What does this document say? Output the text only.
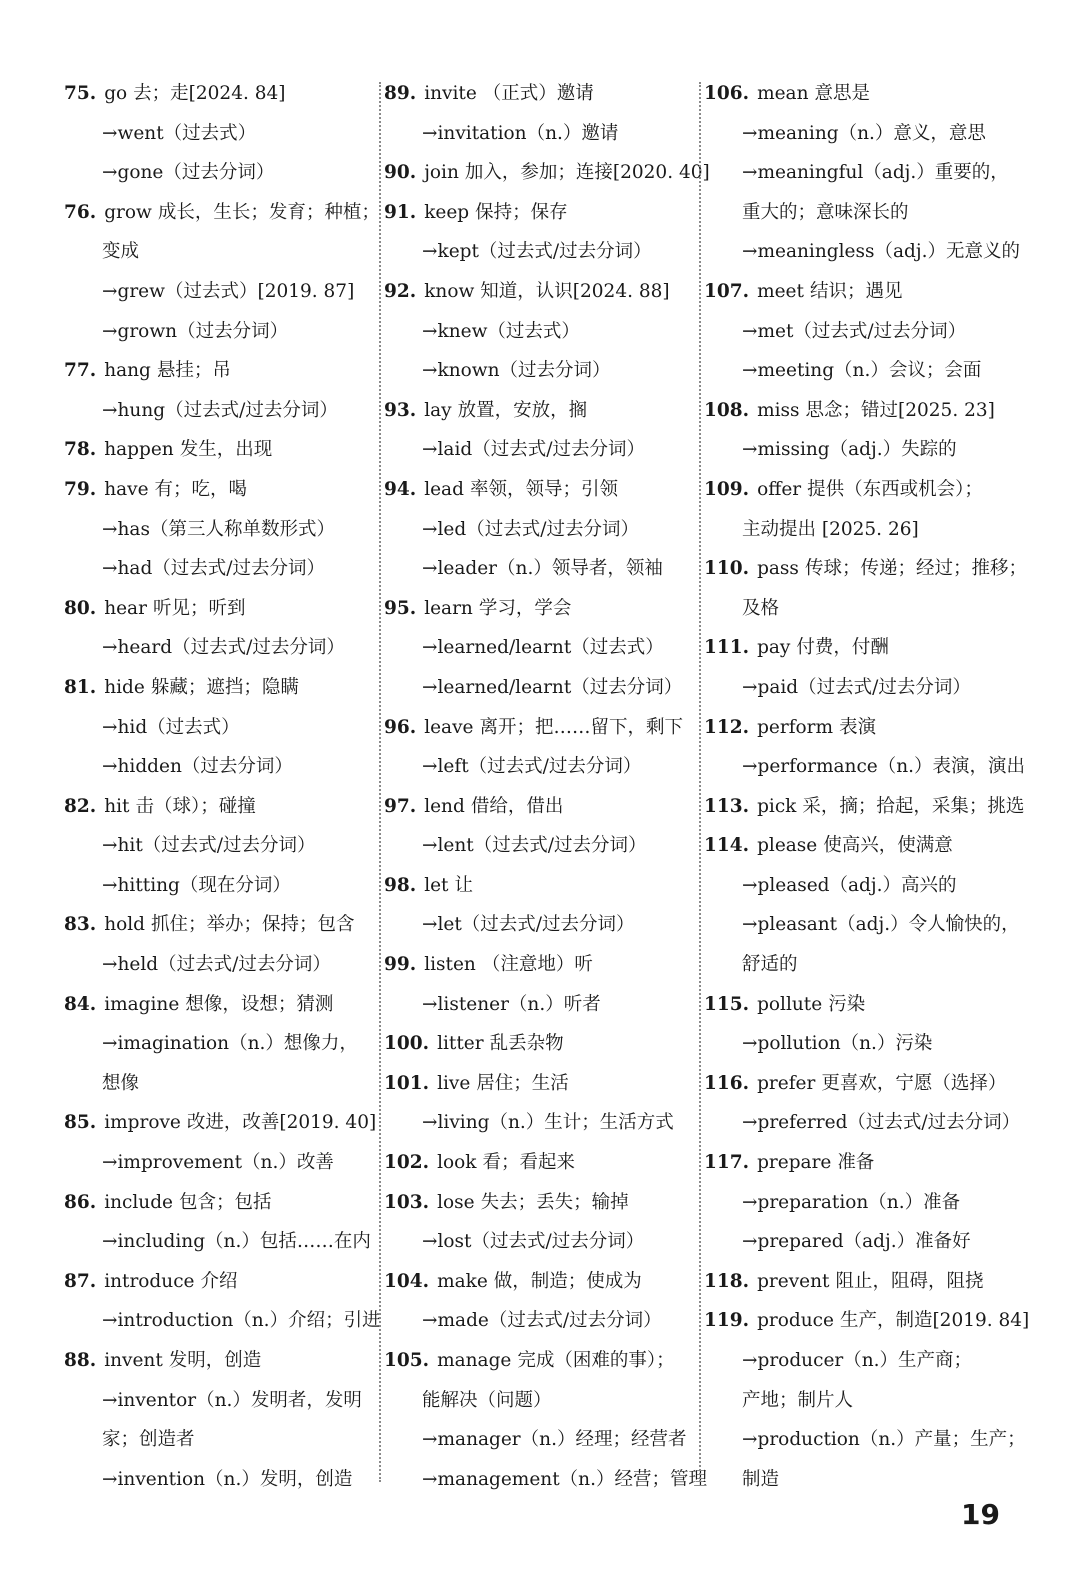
75. go 去；走[2024. 84]
→went（过去式）
→gone（过去分词）
76. grow 成长，生长；发育；种植；
变成
→grew（过去式）[2019. 87]
→grown（过去分词）
77. hang 悬挂；吊
→hung（过去式/过去分词）
78. happen 发生，出现
79. have 有；吃，喝
→has（第三人称单数形式）
→had（过去式/过去分词）
80. hear 听见；听到
→heard（过去式/过去分词）
81. hide 躲藏；遮挡；隐瞒
→hid（过去式）
→hidden（过去分词）
82. hit 击（球）；碰撞
→hit（过去式/过去分词）
→hitting（现在分词）
83. hold 抓住；举办；保持；包含
→held（过去式/过去分词）
84. imagine 想像，设想；猜测
→imagination（n.）想像力，
想像
85. improve 改进，改善[2019. 40]
→improvement（n.）改善
86. include 包含；包括
→including（n.）包括……在内
87. introduce 介绍
→introduction（n.）介绍；引进
88. invent 发明，创造
→inventor（n.）发明者，发明
家；创造者
→invention（n.）发明，创造
89. invite （正式）邀请
→invitation（n.）邀请
90. join 加入，参加；连接[2020. 40]
91. keep 保持；保存
→kept（过去式/过去分词）
92. know 知道，认识[2024. 88]
→knew（过去式）
→known（过去分词）
93. lay 放置，安放，搁
→laid（过去式/过去分词）
94. lead 率领，领导；引领
→led（过去式/过去分词）
→leader（n.）领导者，领袖
95. learn 学习，学会
→learned/learnt（过去式）
→learned/learnt（过去分词）
96. leave 离开；把……留下，剩下
→left（过去式/过去分词）
97. lend 借给，借出
→lent（过去式/过去分词）
98. let 让
→let（过去式/过去分词）
99. listen （注意地）听
→listener（n.）听者
100. litter 乱丢杂物
101. live 居住；生活
→living（n.）生计；生活方式
102. look 看；看起来
103. lose 失去；丢失；输掉
→lost（过去式/过去分词）
104. make 做，制造；使成为
→made（过去式/过去分词）
105. manage 完成（困难的事）；
能解决（问题）
→manager（n.）经理；经营者
→management（n.）经营；管理
106. mean 意思是
→meaning（n.）意义，意思
→meaningful（adj.）重要的，
重大的；意味深长的
→meaningless（adj.）无意义的
107. meet 结识；遇见
→met（过去式/过去分词）
→meeting（n.）会议；会面
108. miss 思念；错过[2025. 23]
→missing（adj.）失踪的
109. offer 提供（东西或机会）；
主动提出 [2025. 26]
110. pass 传球；传递；经过；推移；
及格
111. pay 付费，付酬
→paid（过去式/过去分词）
112. perform 表演
→performance（n.）表演，演出
113. pick 采，摘；拾起，采集；挑选
114. please 使高兴，使满意
→pleased（adj.）高兴的
→pleasant（adj.）令人愉快的，
舒适的
115. pollute 污染
→pollution（n.）污染
116. prefer 更喜欢，宁愿（选择）
→preferred（过去式/过去分词）
117. prepare 准备
→preparation（n.）准备
→prepared（adj.）准备好
118. prevent 阻止，阻碍，阻挠
119. produce 生产，制造[2019. 84]
→producer（n.）生产商；
产地；制片人
→production（n.）产量；生产；
制造
19
